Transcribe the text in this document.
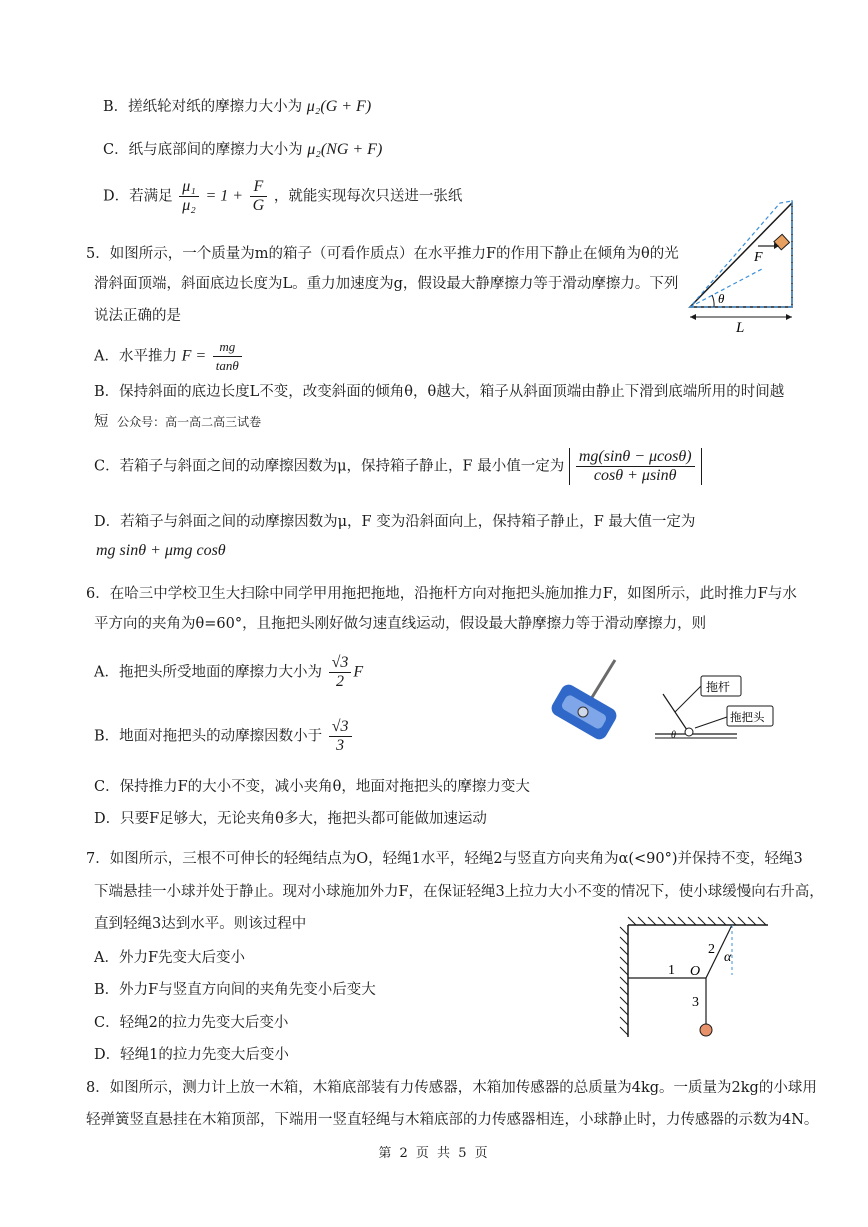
B．搓纸轮对纸的摩擦力大小为 μ₂(G + F)
C．纸与底部间的摩擦力大小为 μ₂(NG + F)
D．若满足 $\frac{\text{μ₁}}{\text{μ₂}} = 1 + \frac{F}{G}$ ，就能实现每次只送进一张纸
5．如图所示，一个质量为m的箱子（可看作质点）在水平推力F的作用下静止在倾角为θ的光
滑斜面顶端，斜面底边长度为L。重力加速度为g，假设最大静摩擦力等于滑动摩擦力。下列
说法正确的是
F
θ
L
A．水平推力 $F = \frac{mg}{\tan\theta}$
B．保持斜面的底边长度L不变，改变斜面的倾角θ，θ越大，箱子从斜面顶端由静止下滑到底端所用的时间越
短 公众号：高一高二高三试卷
C．若箱子与斜面之间的动摩擦因数为μ，保持箱子静止，F 最小值一定为 $\frac{mg(\sin\theta - \mu\cos\theta)}{\cos\theta + \mu\sin\theta}$
D．若箱子与斜面之间的动摩擦因数为μ，F 变为沿斜面向上，保持箱子静止，F 最大值一定为
mg sinθ + μmg cosθ
6．在哈三中学校卫生大扫除中同学甲用拖把拖地，沿拖杆方向对拖把头施加推力F，如图所示，此时推力F与水
平方向的夹角为θ=60°，且拖把头刚好做匀速直线运动，假设最大静摩擦力等于滑动摩擦力，则
A．拖把头所受地面的摩擦力大小为 $\frac{√3}{2}$ F
B．地面对拖把头的动摩擦因数小于 $\frac{√3}{3}$	θ
拖杆
拖把头
C．保持推力F的大小不变，减小夹角θ，地面对拖把头的摩擦力变大
D．只要F足够大，无论夹角θ多大，拖把头都可能做加速运动
7．如图所示，三根不可伸长的轻绳结点为O，轻绳1水平，轻绳2与竖直方向夹角为α(<90°)并保持不变，轻绳3
下端悬挂一小球并处于静止。现对小球施加外力F，在保证轻绳3上拉力大小不变的情况下，使小球缓慢向右升高，
直到轻绳3达到水平。则该过程中
1
2
3
O
α
A．外力F先变大后变小
B．外力F与竖直方向间的夹角先变小后变大
C．轻绳2的拉力先变大后变小
D．轻绳1的拉力先变大后变小
8．如图所示，测力计上放一木箱，木箱底部装有力传感器，木箱加传感器的总质量为4kg。一质量为2kg的小球用
轻弹簧竖直悬挂在木箱顶部，下端用一竖直轻绳与木箱底部的力传感器相连，小球静止时，力传感器的示数为4N。
第 2 页 共 5 页
